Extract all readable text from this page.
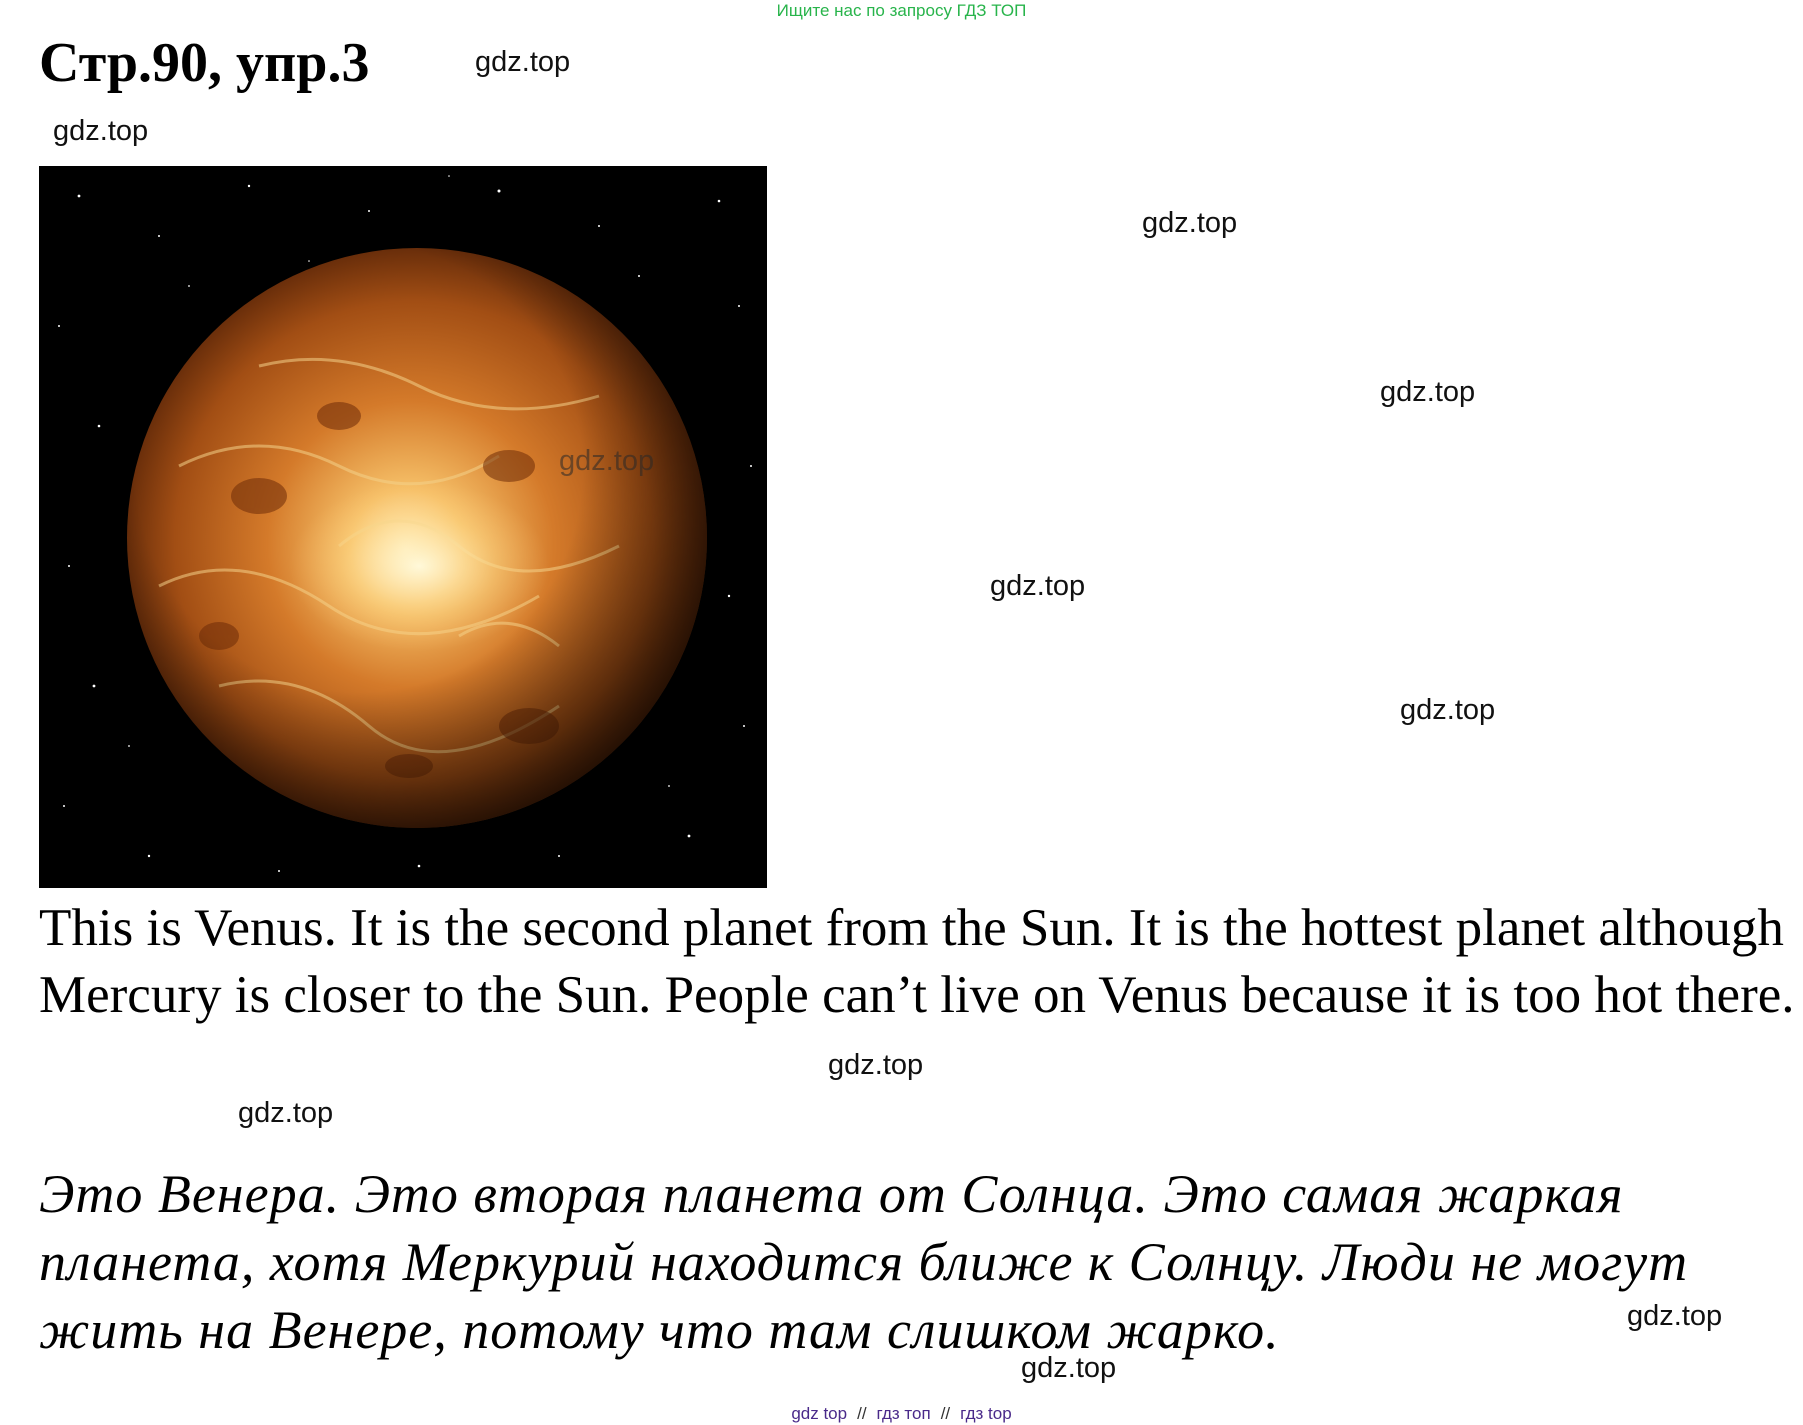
Ищите нас по запросу ГДЗ ТОП
Стр.90, упр.3	gdz.top
gdz.top
gdz.top
gdz.top
gdz.top
gdz.top
gdz.top
This is Venus. It is the second planet from the Sun. It is the hottest planet although Mercury is closer to the Sun. People can’t live on Venus because it is too hot there.
gdz.top
gdz.top
Это Венера. Это вторая планета от Солнца. Это самая жаркая планета, хотя Меркурий находится ближе к Солнцу. Люди не могут жить на Венере, потому что там слишком жарко.	gdz.top
gdz.top
gdz top // гдз топ // гдз top
